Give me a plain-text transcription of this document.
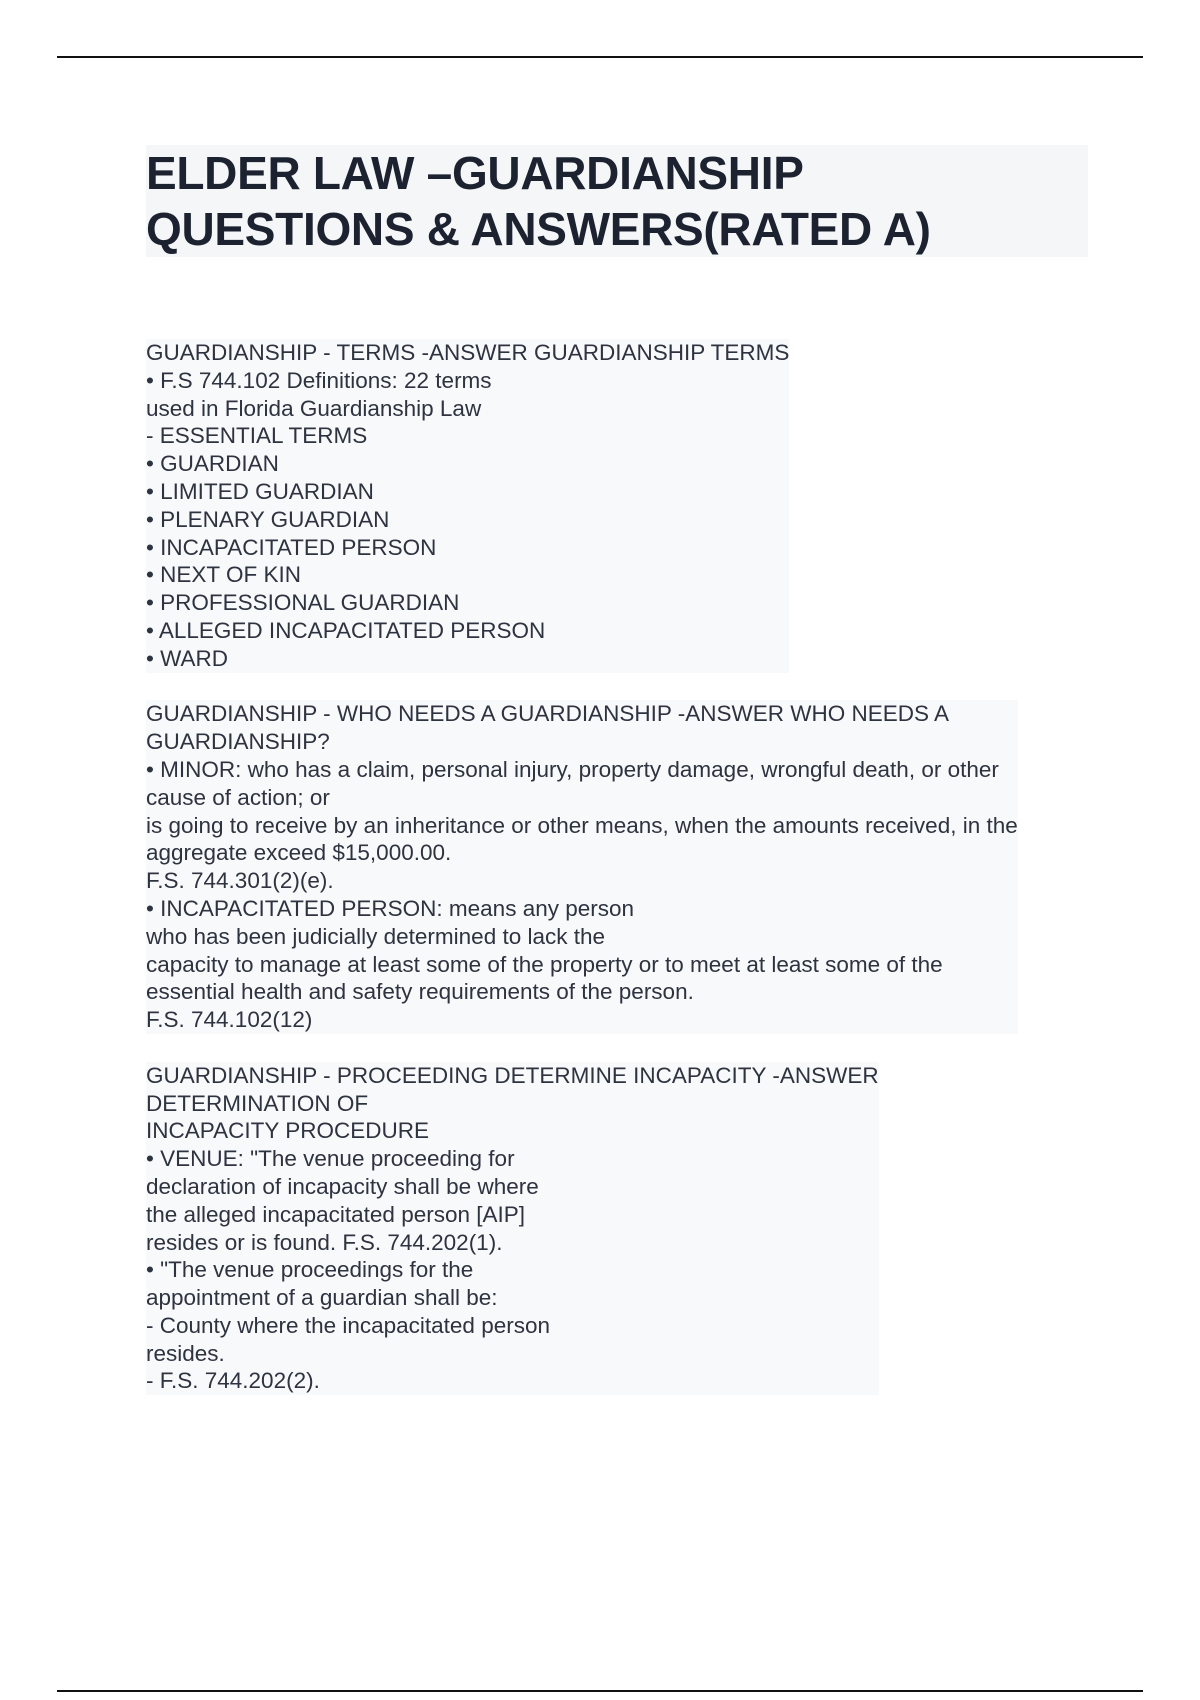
ELDER LAW –GUARDIANSHIP
QUESTIONS & ANSWERS(RATED A)
GUARDIANSHIP - TERMS -ANSWER GUARDIANSHIP TERMS
• F.S 744.102 Definitions: 22 terms
used in Florida Guardianship Law
- ESSENTIAL TERMS
• GUARDIAN
• LIMITED GUARDIAN
• PLENARY GUARDIAN
• INCAPACITATED PERSON
• NEXT OF KIN
• PROFESSIONAL GUARDIAN
• ALLEGED INCAPACITATED PERSON
• WARD
GUARDIANSHIP - WHO NEEDS A GUARDIANSHIP -ANSWER WHO NEEDS A
GUARDIANSHIP?
• MINOR: who has a claim, personal injury, property damage, wrongful death, or other
cause of action; or
is going to receive by an inheritance or other means, when the amounts received, in the
aggregate exceed $15,000.00.
F.S. 744.301(2)(e).
• INCAPACITATED PERSON: means any person
who has been judicially determined to lack the
capacity to manage at least some of the property or to meet at least some of the
essential health and safety requirements of the person.
F.S. 744.102(12)
GUARDIANSHIP - PROCEEDING DETERMINE INCAPACITY -ANSWER
DETERMINATION OF
INCAPACITY PROCEDURE
• VENUE: "The venue proceeding for
declaration of incapacity shall be where
the alleged incapacitated person [AIP]
resides or is found. F.S. 744.202(1).
• "The venue proceedings for the
appointment of a guardian shall be:
- County where the incapacitated person
resides.
- F.S. 744.202(2).
